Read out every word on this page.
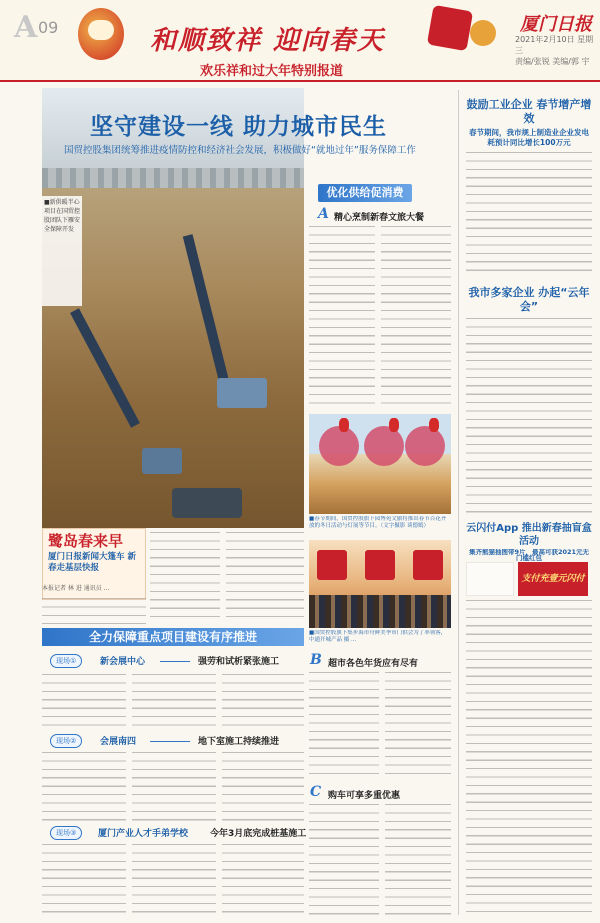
A 09	和顺致祥 迎向春天
欢乐祥和过大年特别报道
厦门日报
2021年2月10日 星期三
责编/张锐 美编/郭 宇
■新供暖半心项目在国贸控股团队下雁安全保障开发
坚守建设一线 助力城市民生
国贸控股集团统筹推进疫情防控和经济社会发展，积极做好“就地过年”服务保障工作
鹭岛春来早
厦门日报新闻大篷车 新春走基层快报
本报记者 林 进 通讯员 ...
全力保障重点项目建设有序推进
现场①	新会展中心	强劳和试析紧张施工
现场②	会展南四	地下室施工持续推进
现场③	厦门产业人才手弟学校 今年3月底完成桩基施工
优化供给促消费
A 精心烹制新春文旅大餐
■春节期间，国贸控股旗下园博苑文旅将推出春节百花齐放的冬日活动与灯展等节目。（文字摄影 谈德嫣）
■国贸控股旗下集步海市舟鲜美季市门供会为了率领客，中通开城产品 摄 ...
B 超市各色年货应有尽有
C 购车可享多重优惠
鼓励工业企业 春节增产增效
春节期间，我市规上制造业企业发电耗预计同比增长100万元
我市多家企业 办起“云年会”
云闪付App 推出新春抽盲盒活动
集齐熊猫抽图带9片，最高可获2021元无门槛红包
支付充壹元闪付
